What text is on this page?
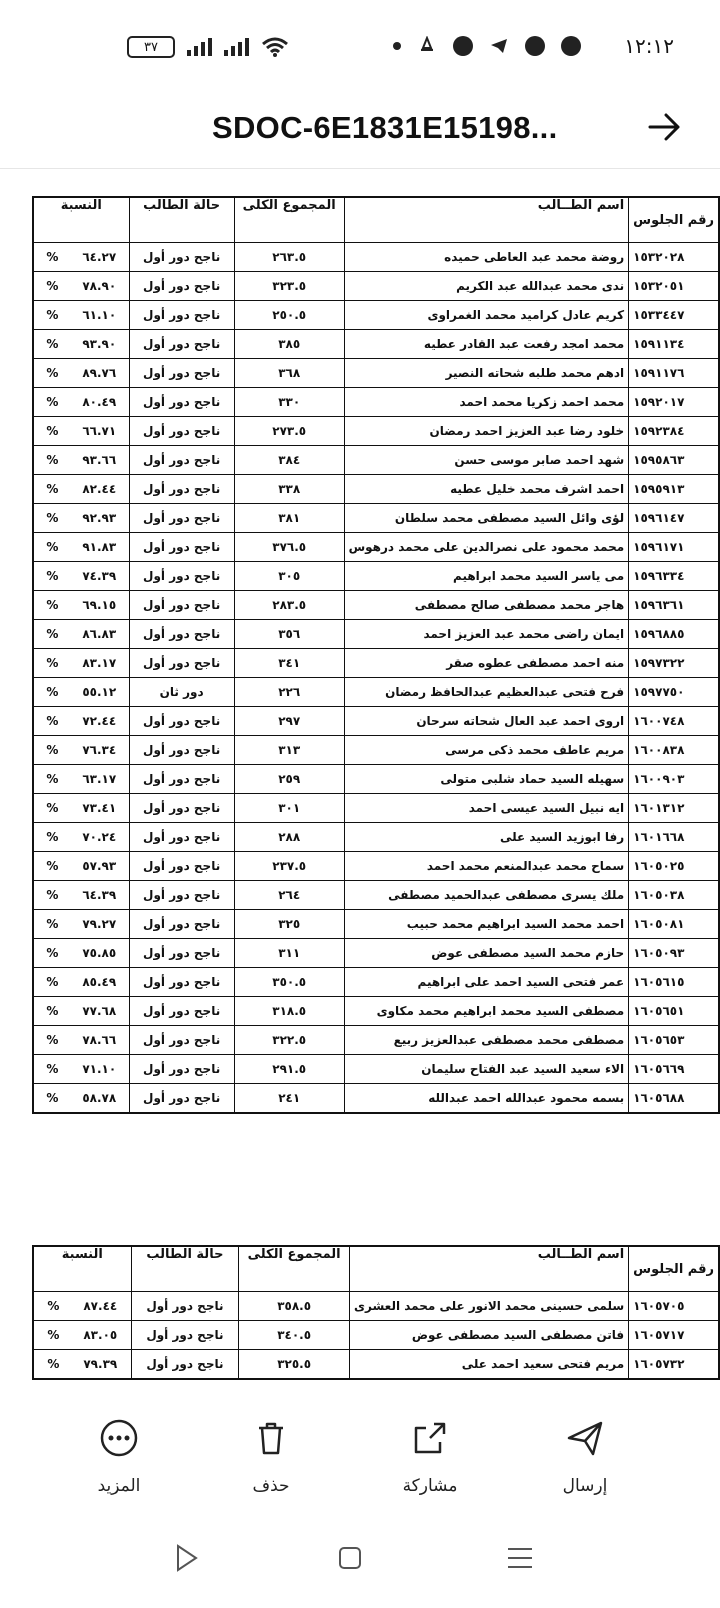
٣٧	١٢:١٢
SDOC-6E1831E15198...
النسبة	حالة الطالب	المجموع الكلى	اسم الطــالب	رقم الجلوس
% ٦٤.٢٧	ناجح دور أول	٢٦٣.٥	روضة محمد عبد العاطى حميده	١٥٣٢٠٢٨
% ٧٨.٩٠	ناجح دور أول	٣٢٣.٥	ندى محمد عبدالله عبد الكريم	١٥٣٢٠٥١
% ٦١.١٠	ناجح دور أول	٢٥٠.٥	كريم عادل كراميد محمد الغمراوى	١٥٣٣٤٤٧
% ٩٣.٩٠	ناجح دور أول	٣٨٥	محمد امجد رفعت عبد القادر عطيه	١٥٩١١٣٤
% ٨٩.٧٦	ناجح دور أول	٣٦٨	ادهم محمد طلبه شحاته النصير	١٥٩١١٧٦
% ٨٠.٤٩	ناجح دور أول	٣٣٠	محمد احمد زكريا محمد احمد	١٥٩٢٠١٧
% ٦٦.٧١	ناجح دور أول	٢٧٣.٥	خلود رضا عبد العزيز احمد رمضان	١٥٩٢٣٨٤
% ٩٣.٦٦	ناجح دور أول	٣٨٤	شهد احمد صابر موسى حسن	١٥٩٥٨٦٣
% ٨٢.٤٤	ناجح دور أول	٣٣٨	احمد اشرف محمد خليل عطيه	١٥٩٥٩١٣
% ٩٢.٩٣	ناجح دور أول	٣٨١	لؤى وائل السيد مصطفى محمد سلطان	١٥٩٦١٤٧
% ٩١.٨٣	ناجح دور أول	٣٧٦.٥	محمد محمود على نصرالدين على محمد درهوس	١٥٩٦١٧١
% ٧٤.٣٩	ناجح دور أول	٣٠٥	مى ياسر السيد محمد ابراهيم	١٥٩٦٣٣٤
% ٦٩.١٥	ناجح دور أول	٢٨٣.٥	هاجر محمد مصطفى صالح مصطفى	١٥٩٦٣٦١
% ٨٦.٨٣	ناجح دور أول	٣٥٦	ايمان راضى محمد عبد العزيز احمد	١٥٩٦٨٨٥
% ٨٣.١٧	ناجح دور أول	٣٤١	منه احمد مصطفى عطوه صقر	١٥٩٧٣٢٢
% ٥٥.١٢	دور ثان	٢٢٦	فرح فتحى عبدالعظيم عبدالحافظ رمضان	١٥٩٧٧٥٠
% ٧٢.٤٤	ناجح دور أول	٢٩٧	اروى احمد عبد العال شحاته سرحان	١٦٠٠٧٤٨
% ٧٦.٣٤	ناجح دور أول	٣١٣	مريم عاطف محمد ذكى مرسى	١٦٠٠٨٣٨
% ٦٣.١٧	ناجح دور أول	٢٥٩	سهيله السيد حماد شلبى متولى	١٦٠٠٩٠٣
% ٧٣.٤١	ناجح دور أول	٣٠١	ايه نبيل السيد عيسى احمد	١٦٠١٣١٢
% ٧٠.٢٤	ناجح دور أول	٢٨٨	رفا ابوزيد السيد على	١٦٠١٦٦٨
% ٥٧.٩٣	ناجح دور أول	٢٣٧.٥	سماح محمد عبدالمنعم محمد احمد	١٦٠٥٠٢٥
% ٦٤.٣٩	ناجح دور أول	٢٦٤	ملك يسرى مصطفى عبدالحميد مصطفى	١٦٠٥٠٣٨
% ٧٩.٢٧	ناجح دور أول	٣٢٥	احمد محمد السيد ابراهيم محمد حبيب	١٦٠٥٠٨١
% ٧٥.٨٥	ناجح دور أول	٣١١	حازم محمد السيد مصطفى عوض	١٦٠٥٠٩٣
% ٨٥.٤٩	ناجح دور أول	٣٥٠.٥	عمر فتحى السيد احمد على ابراهيم	١٦٠٥٦١٥
% ٧٧.٦٨	ناجح دور أول	٣١٨.٥	مصطفى السيد محمد ابراهيم محمد مكاوى	١٦٠٥٦٥١
% ٧٨.٦٦	ناجح دور أول	٣٢٢.٥	مصطفى محمد مصطفى عبدالعزيز ربيع	١٦٠٥٦٥٣
% ٧١.١٠	ناجح دور أول	٢٩١.٥	الاء سعيد السيد عبد الفتاح سليمان	١٦٠٥٦٦٩
% ٥٨.٧٨	ناجح دور أول	٢٤١	بسمه محمود عبدالله احمد عبدالله	١٦٠٥٦٨٨
النسبة	حالة الطالب	المجموع الكلى	اسم الطــالب	رقم الجلوس
% ٨٧.٤٤	ناجح دور أول	٣٥٨.٥	سلمى حسينى محمد الانور على محمد العشرى	١٦٠٥٧٠٥
% ٨٣.٠٥	ناجح دور أول	٣٤٠.٥	فاتن مصطفى السيد مصطفى عوض	١٦٠٥٧١٧
% ٧٩.٣٩	ناجح دور أول	٣٢٥.٥	مريم فتحى سعيد احمد على	١٦٠٥٧٣٢
المزيد	حذف	مشاركة	إرسال
